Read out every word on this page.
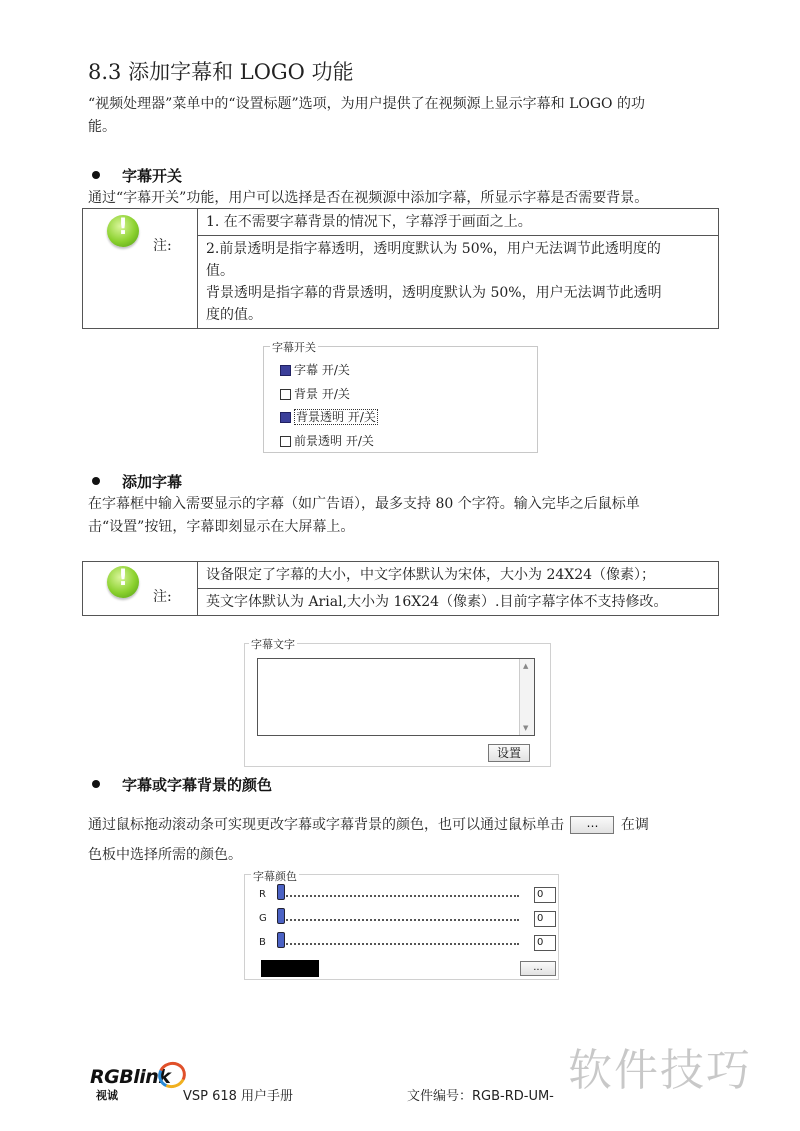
8.3 添加字幕和 LOGO 功能
“视频处理器”菜单中的“设置标题”选项，为用户提供了在视频源上显示字幕和 LOGO 的功
能。
字幕开关
通过“字幕开关”功能，用户可以选择是否在视频源中添加字幕，所显示字幕是否需要背景。
!
注:
	1. 在不需要字幕背景的情况下，字幕浮于画面之上。

2.前景透明是指字幕透明，透明度默认为 50%，用户无法调节此透明度的
值。
背景透明是指字幕的背景透明，透明度默认为 50%，用户无法调节此透明
度的值。
字幕开关
字幕 开/关
背景 开/关
背景透明 开/关
前景透明 开/关
添加字幕
在字幕框中输入需要显示的字幕（如广告语），最多支持 80 个字符。输入完毕之后鼠标单
击“设置”按钮，字幕即刻显示在大屏幕上。
!
注:
	设备限定了字幕的大小，中文字体默认为宋体，大小为 24X24（像素）；
英文字体默认为 Arial,大小为 16X24（像素）.目前字幕字体不支持修改。
字幕文字
▲
▼
设置
字幕或字幕背景的颜色
通过鼠标拖动滚动条可实现更改字幕或字幕背景的颜色，也可以通过鼠标单击 … 在调
色板中选择所需的颜色。
字幕颜色
R	0
G	0
B	0
...
RGBlink
视诚	VSP 618 用户手册	文件编号：RGB-RD-UM-
软件技巧
